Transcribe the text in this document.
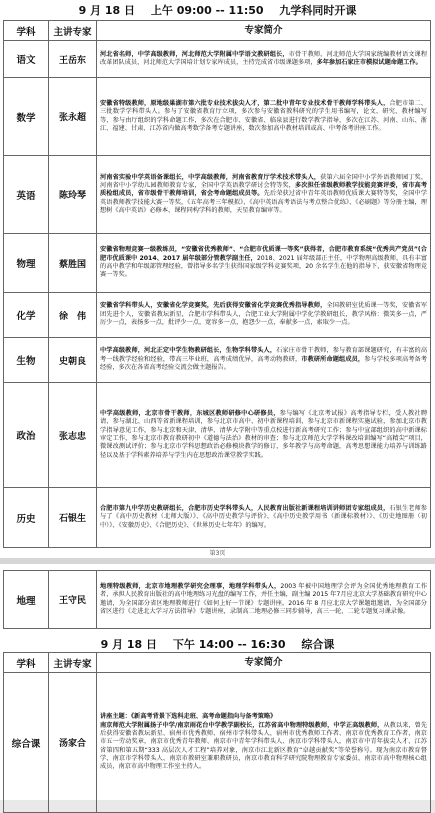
9 月 18 日 上午 09:00 -- 11:50 九学科同时开课
学科	主讲专家	专家简介
语文	王岳东	河北省名师，中学高级教师，河北师范大学附属中学语文教研组长，市骨干教师，河北师范大学国家统编教材语文课程改革团队成员，河北师范大学国培计划专家库成员，主持完成省市级课题多项，多年参加石家庄市模拟试题命题工作。
数学	张永超	安徽省特级教师，原地级巢湖市第六批专业技术拔尖人才，第二批中青年专业技术骨干教师学科带头人，合肥市第二、三批数学学科带头人。参与了安徽省教育厅立项，多次参与安徽省教科研究的学生用书编写，论文、研究、教材编写等，参与由厅组织的学科命题工作，多次在合肥市、安徽省、临泉县进行数学教学指导，多次在江苏、河南、山东、浙江、福建、甘肃、江苏省内做高考数学备考专题讲座，数次参加高中教材培训或高、中考备考讲座工作。
英语	陈玲琴	河南省实验中学英语备课组长，中学高级教师，河南省教育厅学术技术带头人，获第六届全国中小学外语教师园丁奖，河南省中小学幼儿园教师教育专家，全国中学英语教学研讨会特等奖，多次担任省级教师教学技能竞赛评委，省市高考质检组成员，省市级骨干教师培训，省会考命题组成员等。先后荣获过省中青年英语教师优质课大赛特等奖，全国中学英语教师教学技能大赛一等奖，《五年高考三年模拟》、《高中英语高考语法与考点整合优练》、《必刷题》等分册主编，理想树《高中英语》必修本、课程同构学科的教师，天星教育编审等。
物理	蔡胜国	安徽省物理竞赛一级教练员，“安徽省优秀教师”、“合肥市优质课一等奖”获得者，合肥市教育系统“优秀共产党员”(合肥市优质课中 2014、2017 届年级部分管教学副主任，2018、2021 届年级部正主任，中学物理高级教师，具有丰富的高中教学和年级部管理经验，曾指导多名学生获得国家级学科竞赛奖项，20 余名学生在他的指导下，获安徽省物理竞赛一等奖。
化学	徐　伟	安徽省学科带头人，安徽省化学竞赛奖，先后获得安徽省化学竞赛优秀指导教师，全国教研室优质课一等奖，安徽省军团先进个人，安徽省教坛新星，合肥市学科带头人，合肥工业大学附属中学化学教研组长，教学风格：微笑多一点，严厉少一点，表扬多一点，批评少一点，宽容多一点，抱怨少一点，奉献多一点，索取少一点。
生物	史朝良	中学高级教师，河北正定中学生物教研组长，生物学科带头人，石家庄市骨干教师，参与教育部课题研究，有丰富的高考一线教学经验和经验，带高三毕业班，高考成绩优异，高考动物教研，市教研所命题组成员，参与学校多项高考备考经验，多次在各省高考经验交流会做主题报告。
政治	张志忠	中学高级教师，北京市骨干教师，东城区教师研修中心研修员，参与编写《北京考试报》高考指导专栏，受人教社聘请，参与湖北、山西等省新课程培训，参与北京市高中、初中新课程培训，参与北京市新课程实施试验，参加北京市教学指导意见工作，参与北京和天津、清华、清华大学附中等重点校进行新高考研究工作；参与中宣部组织的高中新课标审定工作，参与北京市教育教研初中《道德与法治》教材的审查；参与北京师范大学学科课改培训编写“高精尖”项目，微课改测试评价；参与北京市学科思想政治必修模块教学的修订，多年教学与高考命题，高考思想课能力培养与训练路径以及基于学科素养培养与学生内在思想政治课堂教学实践。
历史	石银生	合肥市第九中学历史教研组长，合肥市历史学科带头人，人民教育出版社新课程培训讲师团专家组成员，石银生老师参与了《高中历史教材（北师大版）》、《高中历史教学与评价》、《高中历史教学用书（新课标教材）》、《历史地图册（初中）》、《安徽历史》、《合肥历史》、《世界历史七年年》的编写。
第3页
地理	王守民	地理特级教师，北京市地理教学研究会理事，地理学科带头人，2003 年被中国地理学会评为全国优秀地理教育工作者，承担人民教育出版社的高中地理练习光盘的编写工作，并任主编，副主编 2015 年7月应北京大学基础教育研究中心邀请，为全国部分省区地理教师进行《如何上好一节课》专题讲座。2016 年 8 月应北京大学课题组邀请，为全国部分省区进行《走进北大学习方法指导》专题讲座，录制高二地理必修三同步辅导，高三一轮、二轮专题复习课录像。
9 月 18 日 下午 14:00 -- 16:30 综合课
学科	主讲专家	专家简介
综合课	汤家合	讲座主题：《新高考背景下选科走班、高考命题指向与备考策略》
南京师范大学附属扬子中学/南京雨花台中学教学副校长，江苏省高中物理特级教师，中学正高级教师，从教以来，曾先后获得安徽省教坛新星、宿州市优秀教师、宿州市学科带头人，宿州市优秀教师工作者、南京市优秀教育工作者，南京市五一劳动奖章，南京市优秀青年教师、南京市中青年学科带头人、南京市学科带头人，南京市中青年拔尖人才、江苏省第四和第五期“333 高层次人才工程”培养对象，南京市江北新区教育“卓越贡献奖”等荣誉称号。现为南京市教育督学、南京市学科带头人、南京市教研室兼职教研员，南京市教育科学研究院物理教育专家委员、南京市高中物理核心组成员，南京市高中物理工作室主持人。
